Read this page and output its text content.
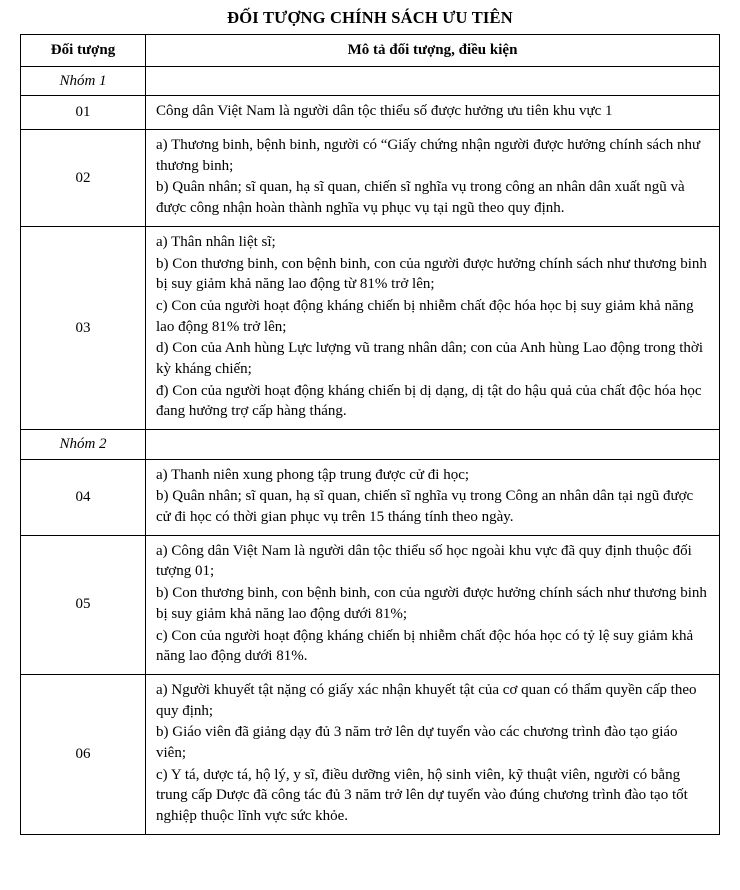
ĐỐI TƯỢNG CHÍNH SÁCH ƯU TIÊN
Đối tượng	Mô tả đối tượng, điều kiện
Nhóm 1	
01	Công dân Việt Nam là người dân tộc thiểu số được hưởng ưu tiên khu vực 1

02	a) Thương binh, bệnh binh, người có “Giấy chứng nhận người được hưởng chính sách như thương binh;

b) Quân nhân; sĩ quan, hạ sĩ quan, chiến sĩ nghĩa vụ trong công an nhân dân xuất ngũ và được công nhận hoàn thành nghĩa vụ phục vụ tại ngũ theo quy định.

03	a) Thân nhân liệt sĩ;

b) Con thương binh, con bệnh binh, con của người được hưởng chính sách như thương binh bị suy giảm khả năng lao động từ 81% trở lên;

c) Con của người hoạt động kháng chiến bị nhiễm chất độc hóa học bị suy giảm khả năng lao động 81% trở lên;

d) Con của Anh hùng Lực lượng vũ trang nhân dân; con của Anh hùng Lao động trong thời kỳ kháng chiến;

đ) Con của người hoạt động kháng chiến bị dị dạng, dị tật do hậu quả của chất độc hóa học đang hưởng trợ cấp hàng tháng.

Nhóm 2	
04	a) Thanh niên xung phong tập trung được cử đi học;

b) Quân nhân; sĩ quan, hạ sĩ quan, chiến sĩ nghĩa vụ trong Công an nhân dân tại ngũ được cử đi học có thời gian phục vụ trên 15 tháng tính theo ngày.

05	a) Công dân Việt Nam là người dân tộc thiểu số học ngoài khu vực đã quy định thuộc đối tượng 01;

b) Con thương binh, con bệnh binh, con của người được hưởng chính sách như thương binh bị suy giảm khả năng lao động dưới 81%;

c) Con của người hoạt động kháng chiến bị nhiễm chất độc hóa học có tỷ lệ suy giảm khả năng lao động dưới 81%.

06	a) Người khuyết tật nặng có giấy xác nhận khuyết tật của cơ quan có thẩm quyền cấp theo quy định;

b) Giáo viên đã giảng dạy đủ 3 năm trở lên dự tuyển vào các chương trình đào tạo giáo viên;

c) Y tá, dược tá, hộ lý, y sĩ, điều dưỡng viên, hộ sinh viên, kỹ thuật viên, người có bằng trung cấp Dược đã công tác đủ 3 năm trở lên dự tuyển vào đúng chương trình đào tạo tốt nghiệp thuộc lĩnh vực sức khỏe.
